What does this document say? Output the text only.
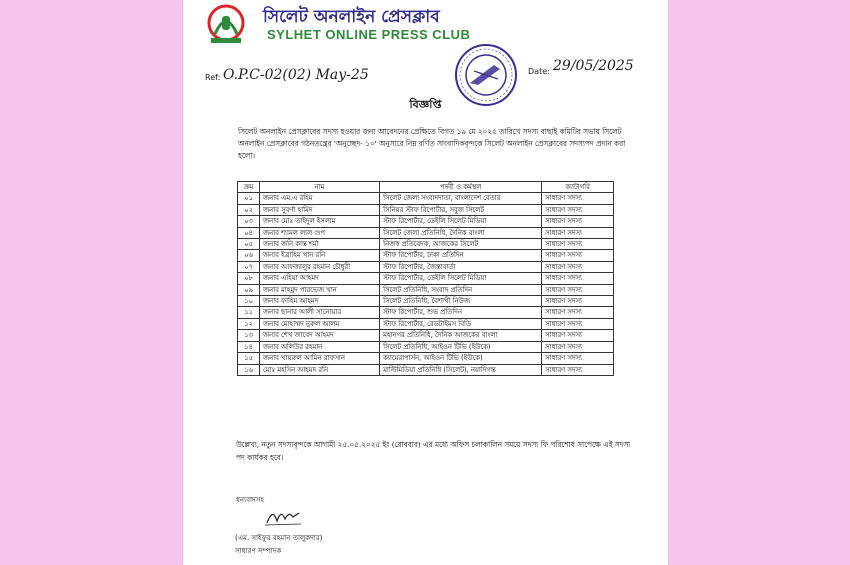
সিলেট অনলাইন প্রেসক্লাব
SYLHET ONLINE PRESS CLUB
Ref: O.P.C-02(02) May-25	Date: 29/05/2025
বিজ্ঞপ্তি

সিলেট অনলাইন প্রেসক্লাবের সদস্য হওয়ার জন্য আবেদনের প্রেক্ষিতে বিগত ১৯ মে ২০২৫ তারিখে সদস্য বাছাই কমিটির সভায় সিলেট অনলাইন প্রেসক্লাবের গঠনতন্ত্রের 'অনুচ্ছেদ- ১০' অনুসারে নিম্ন বর্ণিত সাংবাদিকবৃন্দকে সিলেট অনলাইন প্রেসক্লাবের সদস্যপদ প্রদান করা হলো।

ক্রম	নাম	পদবী ও কর্মস্থল	ক্যাটাগরি
০১	জনাব এম.এ রহিম	সিলেট জেলা সংবাদদাতা, বাংলাদেশ বেতার	সাধারণ সদস্য
০২	জনাব সুবর্ণা হামিদ	সিনিয়র স্টাফ রিপোর্টার, সবুজ সিলেট	সাধারণ সদস্য
০৩	জনাব মোঃ তাইদুল ইসলাম	স্টাফ রিপোর্টার, ডেইলি সিলেট মিডিয়া	সাধারণ সদস্য
০৪	জনাব শ্যামল লাল গুপ	সিলেট জেলা প্রতিনিধি, দৈনিক বাংলা	সাধারণ সদস্য
০৫	জনাব জনি কান্ত শর্মা	নিজস্ব প্রতিবেদক, আজকের সিলেট	সাধারণ সদস্য
০৬	জনাব ইব্রাহিম খান রনি	স্টাফ রিপোর্টার, ঢাকা প্রতিদিন	সাধারণ সদস্য
০৭	জনাব আফজালুর রহমান চৌধুরী	স্টাফ রিপোর্টার, জৈন্তাবার্তা	সাধারণ সদস্য
০৮	জনাব এহিয়া আহমদ	স্টাফ রিপোর্টার, ডেইলি সিলেট মিডিয়া	সাধারণ সদস্য
০৯	জনাব মাহমুদ পারভেজ খান	সিলেট প্রতিনিধি, সংবাদ প্রতিদিন	সাধারণ সদস্য
১০	জনাব ফাহিম আহমদ	সিলেট প্রতিনিধি, বৈশাখী নিউজ	সাধারণ সদস্য
১১	জনাব ছানার আলী সানোয়ার	স্টাফ রিপোর্টার, শুভ প্রতিদিন	সাধারণ সদস্য
১২	জনাব মোহাম্মদ নুরুল আলম	স্টাফ রিপোর্টার, রেডটাইমস বিডি	সাধারণ সদস্য
১৩	জনাব শেখ জাবেদ আহমদ	মহানগর প্রতিনিধি, দৈনিক আজকের বাংলা	সাধারণ সদস্য
১৪	জনাব অলিউর রহমান	সিলেট প্রতিনিধি, আইওন টিভি (ইউকে)	সাধারণ সদস্য
১৫	জনাব খায়রুল আমিন রাফসান	ক্যামেরাপার্সন, আইওন টিভি (ইউকে)	সাধারণ সদস্য
১৬	মোঃ মহসিন আহমদ রনি	মাল্টিমিডিয়া প্রতিনিধি (সিলেট), নয়াদিগন্ত	সাধারণ সদস্য

উল্লেখ্য, নতুন সদস্যবৃন্দকে আগামী ২৫.০৫.২০২৫ ইং (রোববার) এর মধ্যে অফিস চলাকালিন সময়ে সদস্য ফি পরিশোধ সাপেক্ষে এই সদস্য পদ কার্যকর হবে।

ধন্যবাদসহ
(এম. সাইফুর রহমান তালুকদার)
সাধারণ সম্পাদক
